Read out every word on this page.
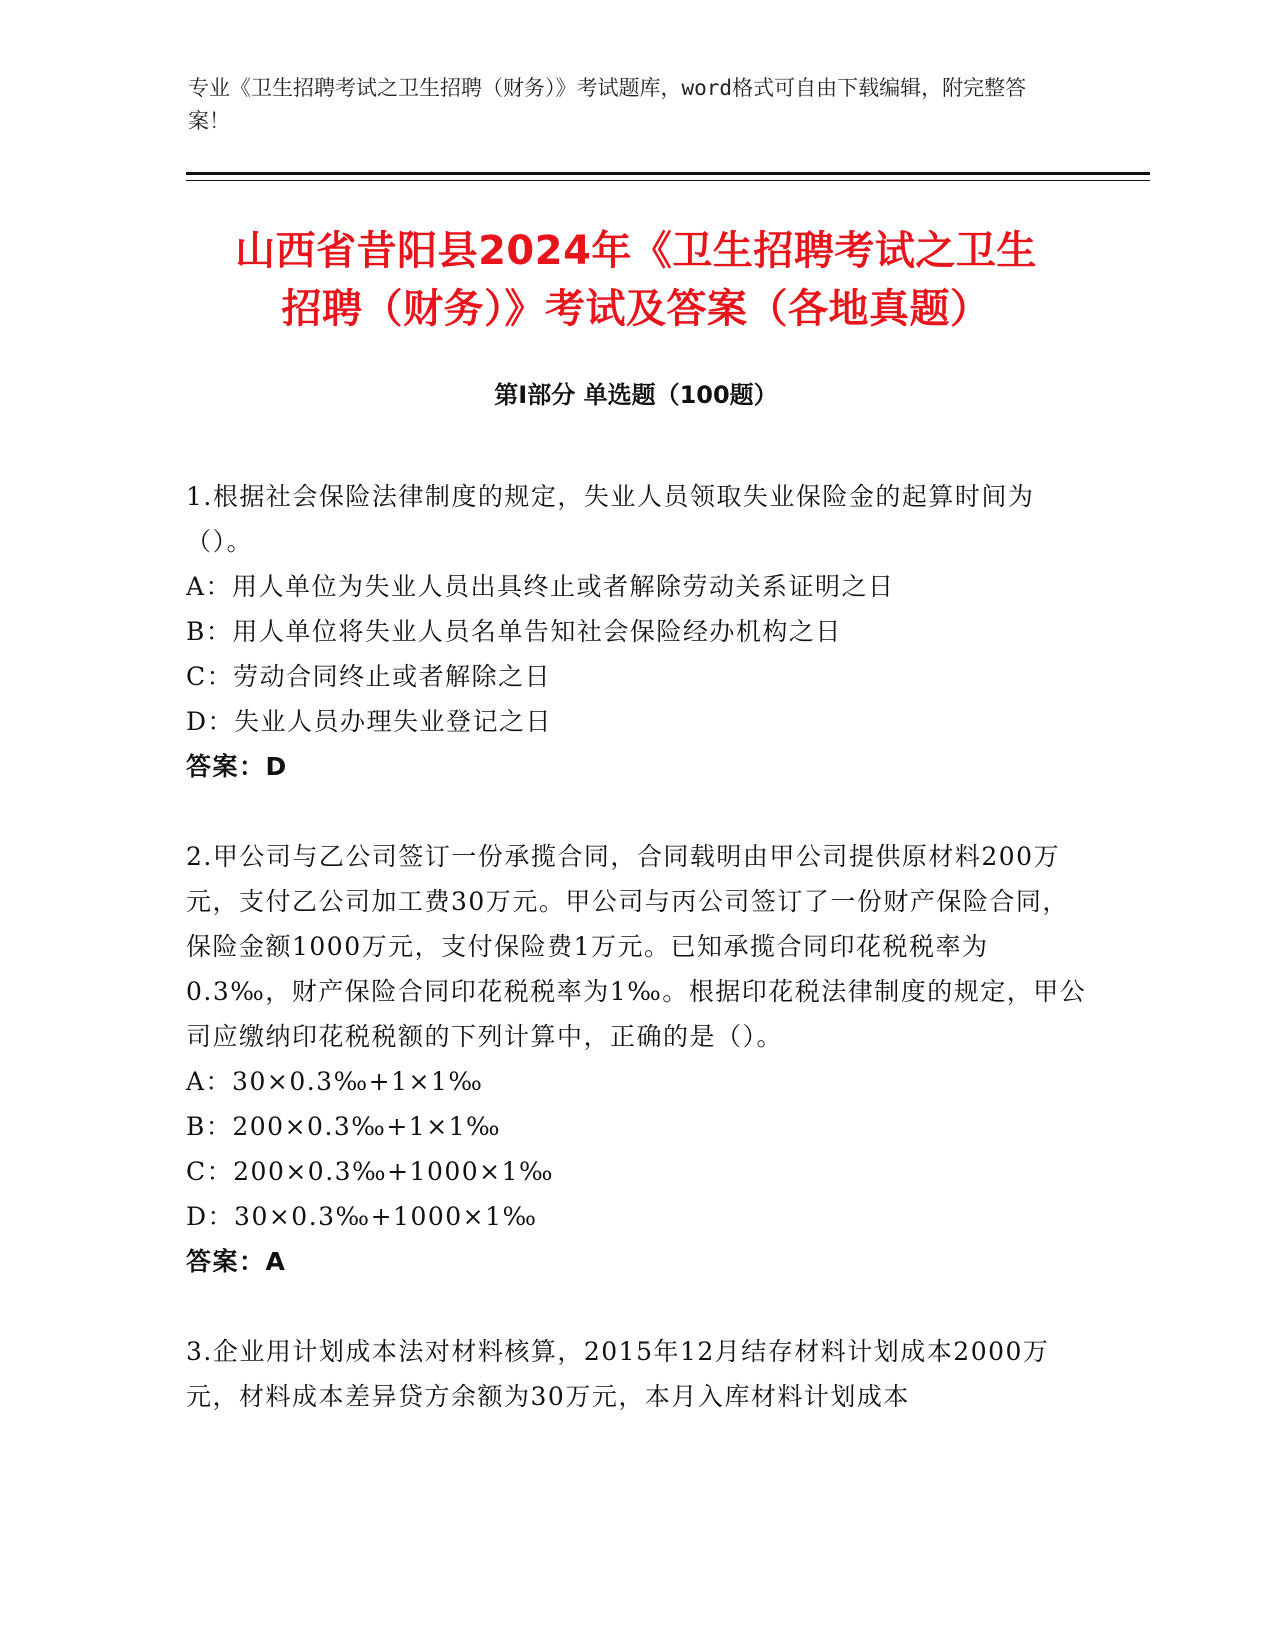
专业《卫生招聘考试之卫生招聘（财务）》考试题库，word格式可自由下载编辑，附完整答案！
山西省昔阳县2024年《卫生招聘考试之卫生
招聘（财务）》考试及答案（各地真题）
第I部分 单选题（100题）

1.根据社会保险法律制度的规定，失业人员领取失业保险金的起算时间为（）。

A：用人单位为失业人员出具终止或者解除劳动关系证明之日

B：用人单位将失业人员名单告知社会保险经办机构之日

C：劳动合同终止或者解除之日

D：失业人员办理失业登记之日

答案：D

2.甲公司与乙公司签订一份承揽合同，合同载明由甲公司提供原材料200万元，支付乙公司加工费30万元。甲公司与丙公司签订了一份财产保险合同，保险金额1000万元，支付保险费1万元。已知承揽合同印花税税率为0.3‰，财产保险合同印花税税率为1‰。根据印花税法律制度的规定，甲公司应缴纳印花税税额的下列计算中，正确的是（）。

A：30×0.3‰+1×1‰

B：200×0.3‰+1×1‰

C：200×0.3‰+1000×1‰

D：30×0.3‰+1000×1‰

答案：A

3.企业用计划成本法对材料核算，2015年12月结存材料计划成本2000万元，材料成本差异贷方余额为30万元，本月入库材料计划成本
